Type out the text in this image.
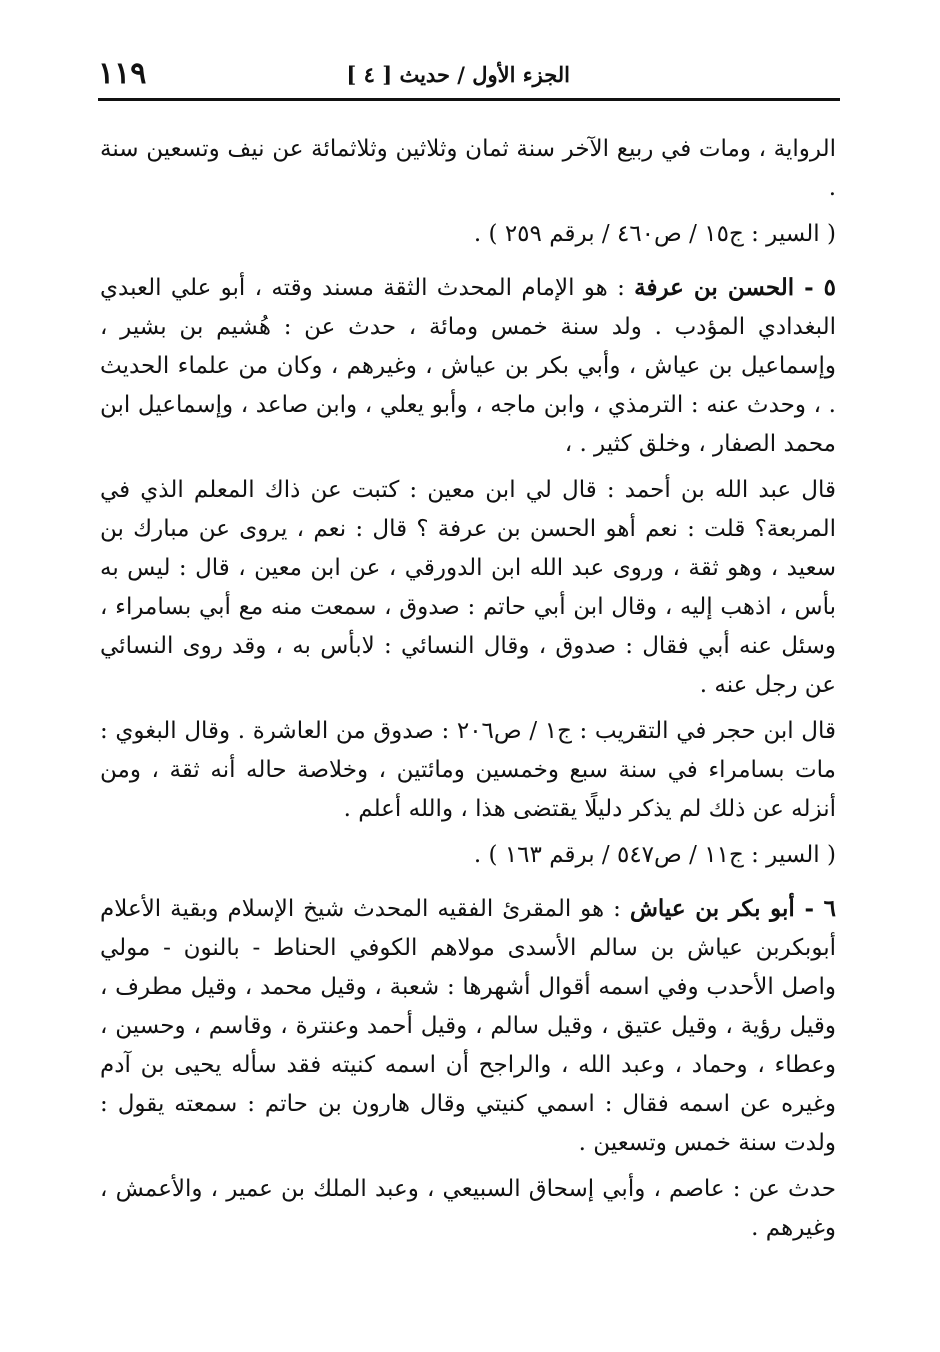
١١٩	الجزء الأول / حديث [ ٤ ]

الرواية ، ومات في ربيع الآخر سنة ثمان وثلاثين وثلاثمائة عن نيف وتسعين سنة .

( السير : ج١٥ / ص٤٦٠ / برقم ٢٥٩ ) .

٥ - الحسن بن عرفة : هو الإمام المحدث الثقة مسند وقته ، أبو علي العبدي البغدادي المؤدب . ولد سنة خمس ومائة ، حدث عن : هُشيم بن بشير ، وإسماعيل بن عياش ، وأبي بكر بن عياش ، وغيرهم ، وكان من علماء الحديث . ، وحدث عنه : الترمذي ، وابن ماجه ، وأبو يعلي ، وابن صاعد ، وإسماعيل ابن محمد الصفار ، وخلق كثير . ،

قال عبد الله بن أحمد : قال لي ابن معين : كتبت عن ذاك المعلم الذي في المربعة؟ قلت : نعم أهو الحسن بن عرفة ؟ قال : نعم ، يروى عن مبارك بن سعيد ، وهو ثقة ، وروى عبد الله ابن الدورقي ، عن ابن معين ، قال : ليس به بأس ، اذهب إليه ، وقال ابن أبي حاتم : صدوق ، سمعت منه مع أبي بسامراء ، وسئل عنه أبي فقال : صدوق ، وقال النسائي : لابأس به ، وقد روى النسائي عن رجل عنه .

قال ابن حجر في التقريب : ج١ / ص٢٠٦ : صدوق من العاشرة . وقال البغوي : مات بسامراء في سنة سبع وخمسين ومائتين ، وخلاصة حاله أنه ثقة ، ومن أنزله عن ذلك لم يذكر دليلًا يقتضى هذا ، والله أعلم .

( السير : ج١١ / ص٥٤٧ / برقم ١٦٣ ) .

٦ - أبو بكر بن عياش : هو المقرئ الفقيه المحدث شيخ الإسلام وبقية الأعلام أبوبكربن عياش بن سالم الأسدى مولاهم الكوفي الحناط - بالنون - مولي واصل الأحدب وفي اسمه أقوال أشهرها : شعبة ، وقيل محمد ، وقيل مطرف ، وقيل رؤية ، وقيل عتيق ، وقيل سالم ، وقيل أحمد وعنترة ، وقاسم ، وحسين ، وعطاء ، وحماد ، وعبد الله ، والراجح أن اسمه كنيته فقد سأله يحيى بن آدم وغيره عن اسمه فقال : اسمي كنيتي وقال هارون بن حاتم : سمعته يقول : ولدت سنة خمس وتسعين .

حدث عن : عاصم ، وأبي إسحاق السبيعي ، وعبد الملك بن عمير ، والأعمش ، وغيرهم .
